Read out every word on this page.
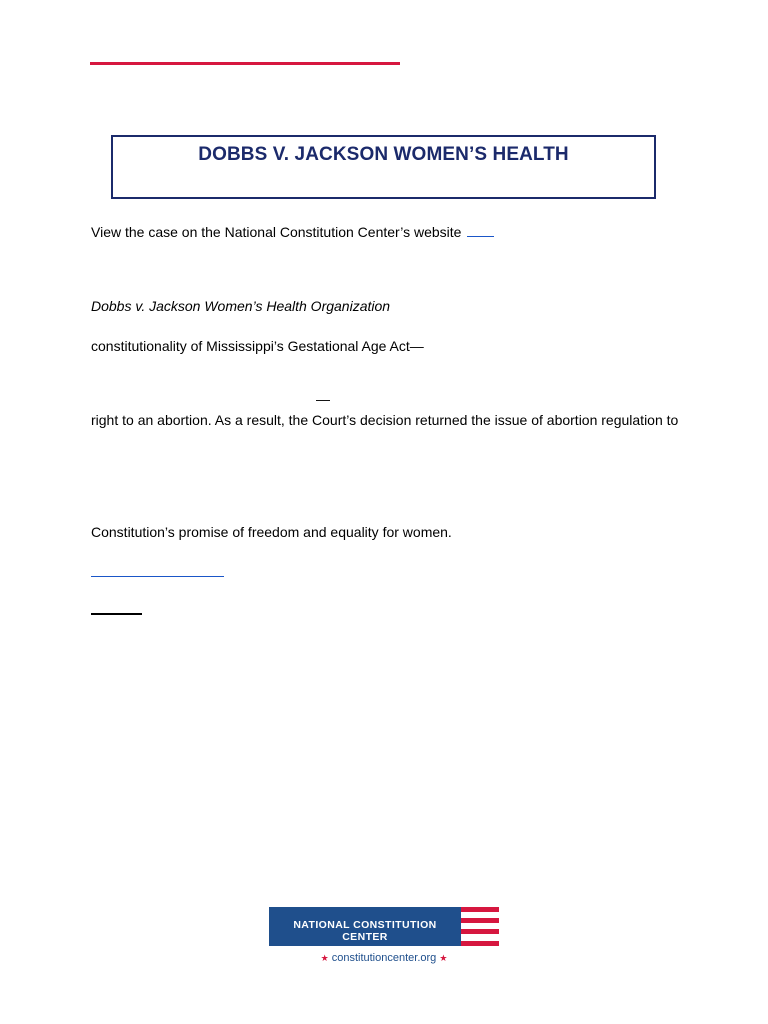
DOBBS V. JACKSON WOMEN’S HEALTH
View the case on the National Constitution Center’s website
Dobbs v. Jackson Women’s Health Organization
constitutionality of Mississippi’s Gestational Age Act—
—
right to an abortion. As a result, the Court’s decision returned the issue of abortion regulation to
Constitution’s promise of freedom and equality for women.
NATIONAL CONSTITUTION CENTER
★ constitutioncenter.org ★
